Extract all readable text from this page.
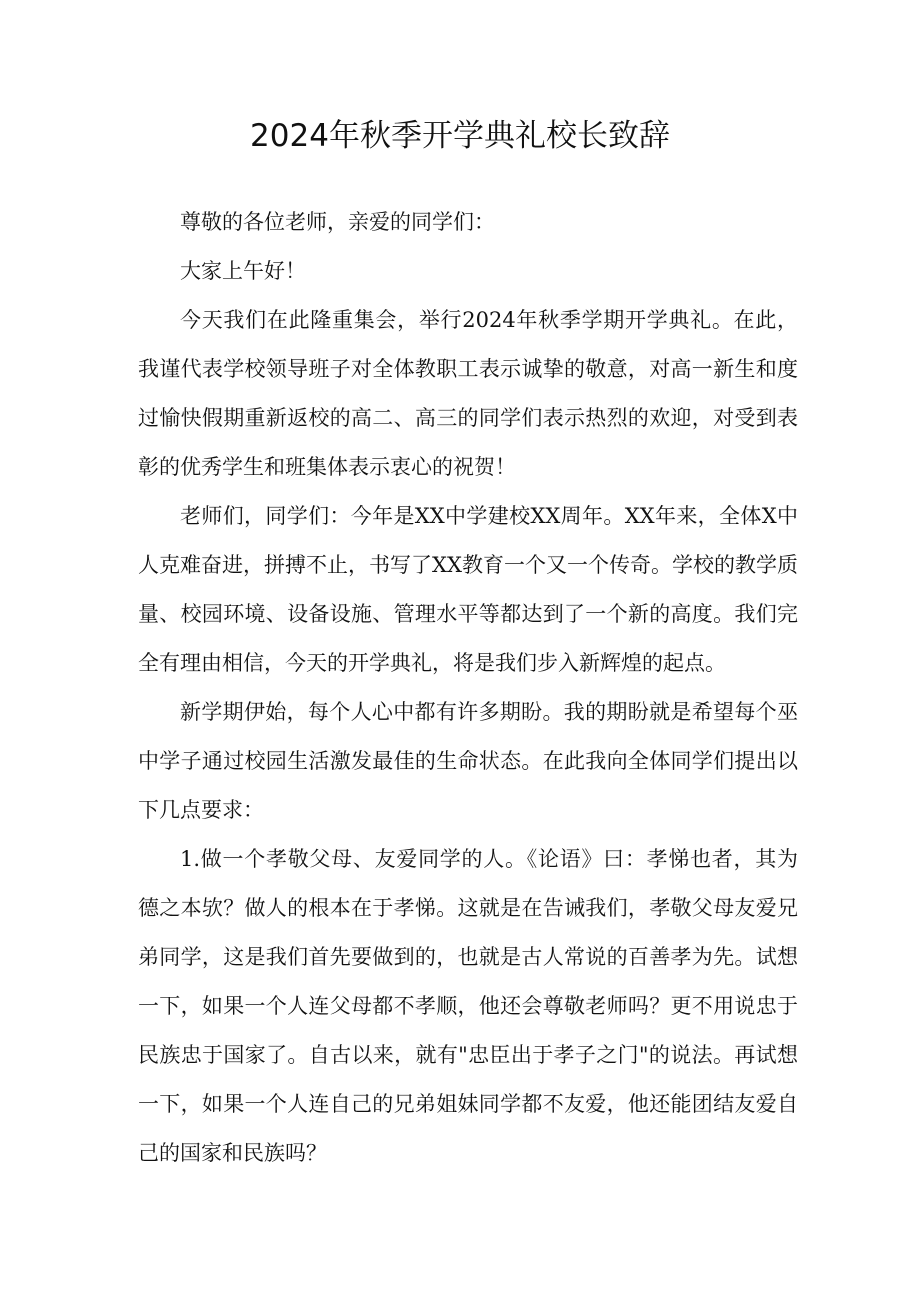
2024年秋季开学典礼校长致辞

尊敬的各位老师，亲爱的同学们：

大家上午好！

今天我们在此隆重集会，举行2024年秋季学期开学典礼。在此，我谨代表学校领导班子对全体教职工表示诚挚的敬意，对高一新生和度过愉快假期重新返校的高二、高三的同学们表示热烈的欢迎，对受到表彰的优秀学生和班集体表示衷心的祝贺！

老师们，同学们：今年是XX中学建校XX周年。XX年来，全体X中人克难奋进，拼搏不止，书写了XX教育一个又一个传奇。学校的教学质量、校园环境、设备设施、管理水平等都达到了一个新的高度。我们完全有理由相信，今天的开学典礼，将是我们步入新辉煌的起点。

新学期伊始，每个人心中都有许多期盼。我的期盼就是希望每个巫中学子通过校园生活激发最佳的生命状态。在此我向全体同学们提出以下几点要求：

1.做一个孝敬父母、友爱同学的人。《论语》曰：孝悌也者，其为德之本欤？做人的根本在于孝悌。这就是在告诫我们，孝敬父母友爱兄弟同学，这是我们首先要做到的，也就是古人常说的百善孝为先。试想一下，如果一个人连父母都不孝顺，他还会尊敬老师吗？更不用说忠于民族忠于国家了。自古以来，就有"忠臣出于孝子之门"的说法。再试想一下，如果一个人连自己的兄弟姐妹同学都不友爱，他还能团结友爱自己的国家和民族吗？
